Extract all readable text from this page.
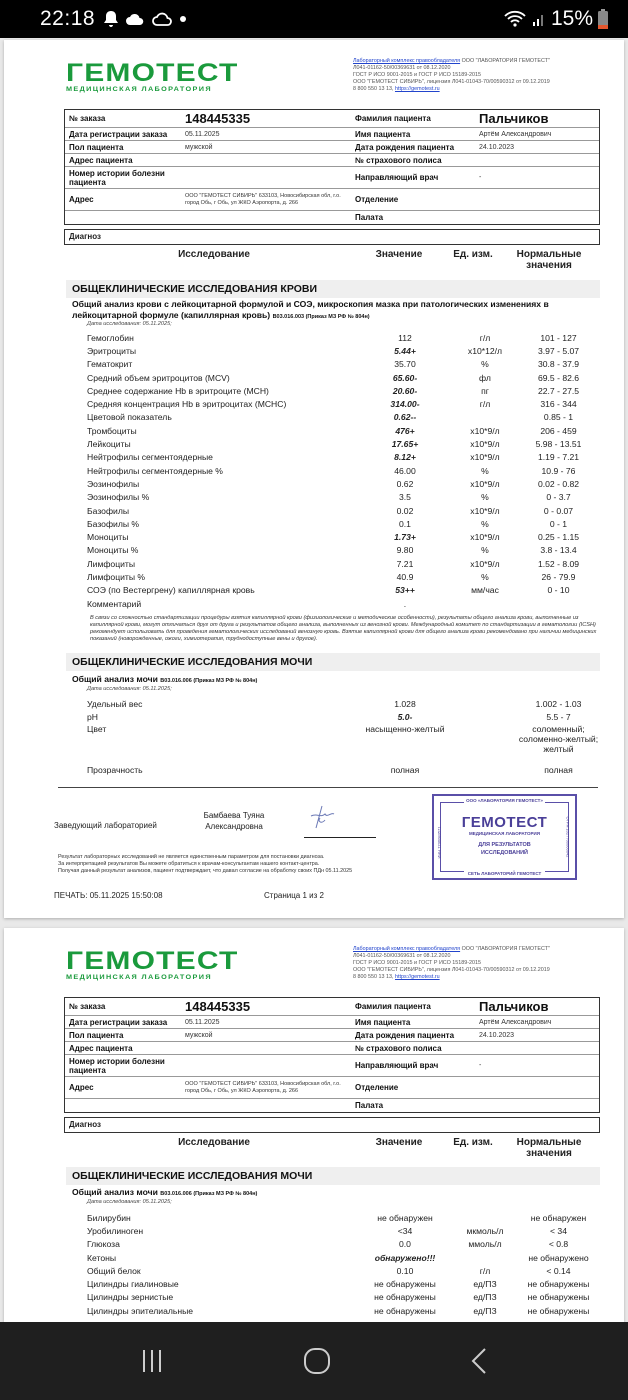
22:18	15%
ГЕМОТЕСТ
МЕДИЦИНСКАЯ ЛАБОРАТОРИЯ
Лабораторный комплекс правообладателя ООО "ЛАБОРАТОРИЯ ГЕМОТЕСТ"
Л041-01162-50/00369631 от 08.12.2020
ГОСТ Р ИСО 9001-2015 и ГОСТ Р ИСО 15189-2015
ООО "ГЕМОТЕСТ СИБИРЬ", лицензия Л041-01043-70/00590312 от 09.12.2019
8 800 550 13 13, https://gemotest.ru
№ заказа	148445335	Фамилия пациента	Пальчиков
Дата регистрации заказа	05.11.2025	Имя пациента	Артём Александрович
Пол пациента	мужской	Дата рождения пациента	24.10.2023
Адрес пациента	№ страхового полиса
Номер истории болезни пациента	Направляющий врач	-
Адрес	ООО "ГЕМОТЕСТ СИБИРЬ" 633103, Новосибирская обл, г.о. город Обь, г Обь, ул ЖКО Аэропорта, д. 266	Отделение
Палата
Диагноз
Исследование	Значение	Ед. изм.	Нормальные значения
ОБЩЕКЛИНИЧЕСКИЕ ИССЛЕДОВАНИЯ КРОВИ
Общий анализ крови с лейкоцитарной формулой и СОЭ, микроскопия мазка при патологических изменениях в лейкоцитарной формуле (капиллярная кровь) B03.016.003 (Приказ МЗ РФ № 804н)
Дата исследования: 05.11.2025;
Гемоглобин	112	г/л	101 - 127
Эритроциты	5.44+	x10*12/л	3.97 - 5.07
Гематокрит	35.70	%	30.8 - 37.9
Средний объем эритроцитов (MCV)	65.60-	фл	69.5 - 82.6
Среднее содержание Hb в эритроците (MCH)	20.60-	пг	22.7 - 27.5
Средняя концентрация Hb в эритроцитах (MCHC)	314.00-	г/л	316 - 344
Цветовой показатель	0.62--	0.85 - 1
Тромбоциты	476+	x10*9/л	206 - 459
Лейкоциты	17.65+	x10*9/л	5.98 - 13.51
Нейтрофилы сегментоядерные	8.12+	x10*9/л	1.19 - 7.21
Нейтрофилы сегментоядерные %	46.00	%	10.9 - 76
Эозинофилы	0.62	x10*9/л	0.02 - 0.82
Эозинофилы %	3.5	%	0 - 3.7
Базофилы	0.02	x10*9/л	0 - 0.07
Базофилы %	0.1	%	0 - 1
Моноциты	1.73+	x10*9/л	0.25 - 1.15
Моноциты %	9.80	%	3.8 - 13.4
Лимфоциты	7.21	x10*9/л	1.52 - 8.09
Лимфоциты %	40.9	%	26 - 79.9
СОЭ (по Вестергрену) капиллярная кровь	53++	мм/час	0 - 10
Комментарий	.
В связи со сложностью стандартизации процедуры взятия капиллярной крови (физиологические и методические особенности), результаты общего анализа крови, выполненные из капиллярной крови, могут отличаться друг от друга и результатов общего анализа, выполненных из венозной крови. Международный комитет по стандартизации в гематологии (ICSH) рекомендует использовать для проведения гематологических исследований венозную кровь. Взятие капиллярной крови для общего анализа крови рекомендовано при наличии медицинских показаний (новорожденные, ожоги, химиотерапия, труднодоступные вены и другое).
ОБЩЕКЛИНИЧЕСКИЕ ИССЛЕДОВАНИЯ МОЧИ
Общий анализ мочи B03.016.006 (Приказ МЗ РФ № 804н)
Дата исследования: 05.11.2025;
Удельный вес	1.028	1.002 - 1.03
pH	5.0-	5.5 - 7
Цвет	насыщенно-желтый	соломенный; соломенно-желтый; желтый
Прозрачность	полная	полная
Заведующий лабораторией
Бамбаева Туяна Александровна
Результат лабораторных исследований не является единственным параметром для постановки диагноза.
За интерпретацией результатов Вы можете обратиться к врачам-консультантам нашего контакт-центра.
Получая данный результат анализов, пациент подтверждает, что давал согласие на обработку своих ПДн 05.11.2025
ООО «ЛАБОРАТОРИЯ ГЕМОТЕСТ»
ГЕМОТЕСТ
МЕДИЦИНСКАЯ ЛАБОРАТОРИЯ
ДЛЯ РЕЗУЛЬТАТОВ
ИССЛЕДОВАНИЙ
СЕТЬ ЛАБОРАТОРИЙ ГЕМОТЕСТ
ИНН 7706083571	ОГРН 1027700066642
ПЕЧАТЬ: 05.11.2025 15:50:08	Страница 1 из 2
ГЕМОТЕСТ
МЕДИЦИНСКАЯ ЛАБОРАТОРИЯ
Лабораторный комплекс правообладателя ООО "ЛАБОРАТОРИЯ ГЕМОТЕСТ"
Л041-01162-50/00369631 от 08.12.2020
ГОСТ Р ИСО 9001-2015 и ГОСТ Р ИСО 15189-2015
ООО "ГЕМОТЕСТ СИБИРЬ", лицензия Л041-01043-70/00590312 от 09.12.2019
8 800 550 13 13, https://gemotest.ru
№ заказа	148445335	Фамилия пациента	Пальчиков
Дата регистрации заказа	05.11.2025	Имя пациента	Артём Александрович
Пол пациента	мужской	Дата рождения пациента	24.10.2023
Адрес пациента	№ страхового полиса
Номер истории болезни пациента	Направляющий врач	-
Адрес	ООО "ГЕМОТЕСТ СИБИРЬ" 633103, Новосибирская обл, г.о. город Обь, г Обь, ул ЖКО Аэропорта, д. 266	Отделение
Палата
Диагноз
Исследование	Значение	Ед. изм.	Нормальные значения
ОБЩЕКЛИНИЧЕСКИЕ ИССЛЕДОВАНИЯ МОЧИ
Общий анализ мочи B03.016.006 (Приказ МЗ РФ № 804н)
Дата исследования: 05.11.2025;
Билирубин	не обнаружен	не обнаружен
Уробилиноген	<34	мкмоль/л	< 34
Глюкоза	0.0	ммоль/л	< 0.8
Кетоны	обнаружено!!!	не обнаружено
Общий белок	0.10	г/л	< 0.14
Цилиндры гиалиновые	не обнаружены	ед/ПЗ	не обнаружены
Цилиндры зернистые	не обнаружены	ед/ПЗ	не обнаружены
Цилиндры эпителиальные	не обнаружены	ед/ПЗ	не обнаружены
